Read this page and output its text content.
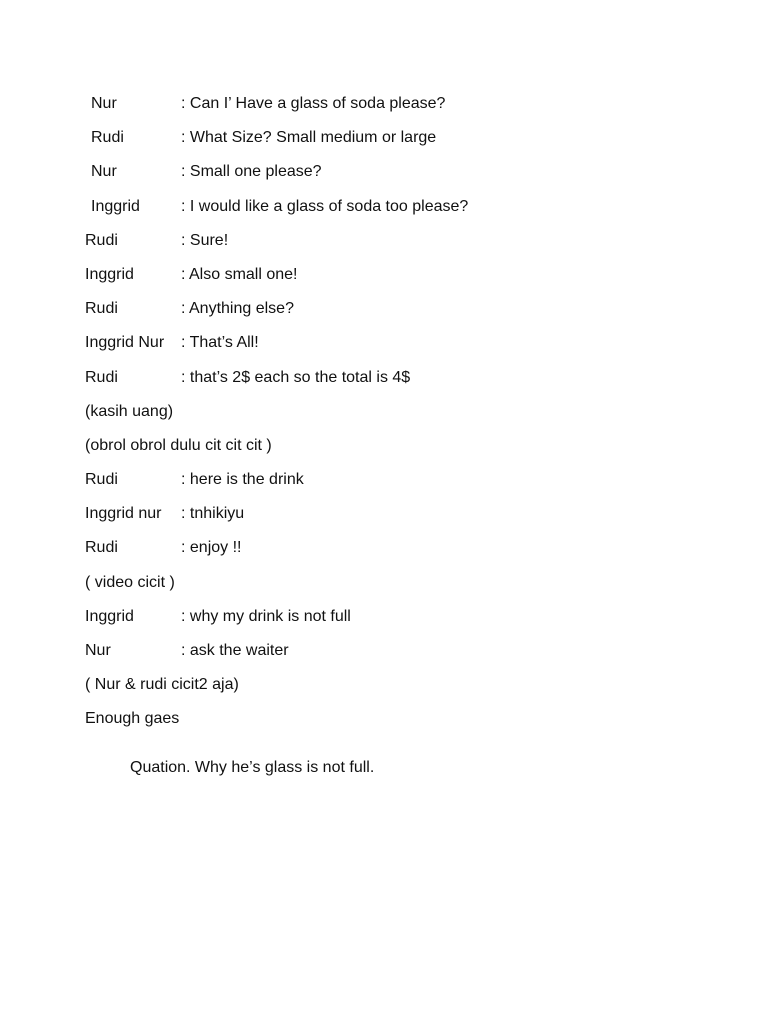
Nur	: Can I’ Have a glass of soda please?
Rudi	: What Size? Small medium or large
Nur	: Small one please?
Inggrid	: I would like a glass of soda too please?
Rudi	: Sure!
Inggrid	: Also small one!
Rudi	: Anything else?
Inggrid Nur : That’s All!
Rudi	: that’s 2$ each so the total is 4$
(kasih uang)
(obrol obrol dulu cit cit cit )
Rudi	: here is the drink
Inggrid nur : tnhikiyu
Rudi	: enjoy !!
( video cicit )
Inggrid	: why my drink is not full
Nur	: ask the waiter
( Nur & rudi cicit2 aja)
Enough gaes
Quation. Why he’s glass is not full.
